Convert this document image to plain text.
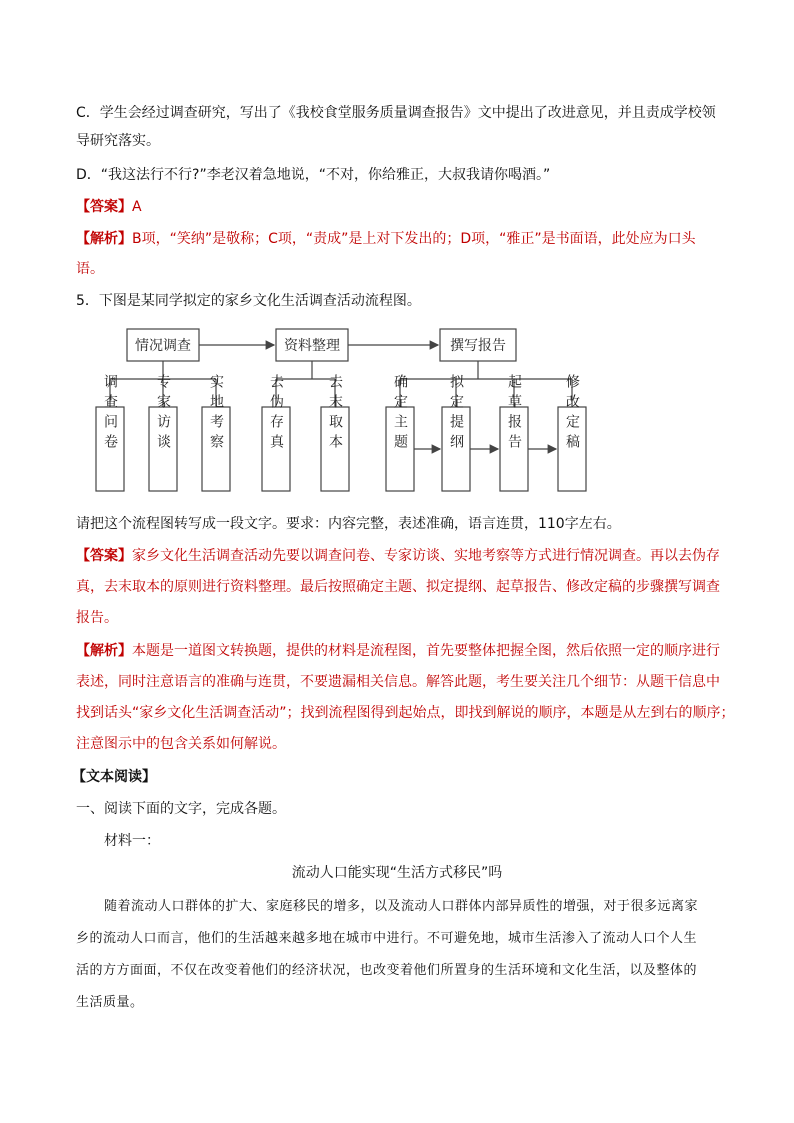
C．学生会经过调查研究，写出了《我校食堂服务质量调查报告》文中提出了改进意见，并且责成学校领
导研究落实。
D．“我这法行不行?”李老汉着急地说，“不对，你给雅正，大叔我请你喝酒。”
【答案】A
【解析】B项，“笑纳”是敬称；C项，“责成”是上对下发出的；D项，“雅正”是书面语，此处应为口头
语。
5．下图是某同学拟定的家乡文化生活调查活动流程图。
情况调查	资料整理	撰写报告
调查问卷	专家访谈	实地考察	去伪存真	去末取本	确定主题	拟定提纲	起草报告	修改定稿
请把这个流程图转写成一段文字。要求：内容完整，表述准确，语言连贯，110字左右。
【答案】家乡文化生活调查活动先要以调查问卷、专家访谈、实地考察等方式进行情况调查。再以去伪存
真，去末取本的原则进行资料整理。最后按照确定主题、拟定提纲、起草报告、修改定稿的步骤撰写调查
报告。
【解析】本题是一道图文转换题，提供的材料是流程图，首先要整体把握全图，然后依照一定的顺序进行
表述，同时注意语言的准确与连贯，不要遗漏相关信息。解答此题，考生要关注几个细节：从题干信息中
找到话头“家乡文化生活调查活动”；找到流程图得到起始点，即找到解说的顺序，本题是从左到右的顺序；
注意图示中的包含关系如何解说。
【文本阅读】
一、阅读下面的文字，完成各题。
材料一：
流动人口能实现“生活方式移民”吗
随着流动人口群体的扩大、家庭移民的增多，以及流动人口群体内部异质性的增强，对于很多远离家
乡的流动人口而言，他们的生活越来越多地在城市中进行。不可避免地，城市生活渗入了流动人口个人生
活的方方面面，不仅在改变着他们的经济状况，也改变着他们所置身的生活环境和文化生活，以及整体的
生活质量。
